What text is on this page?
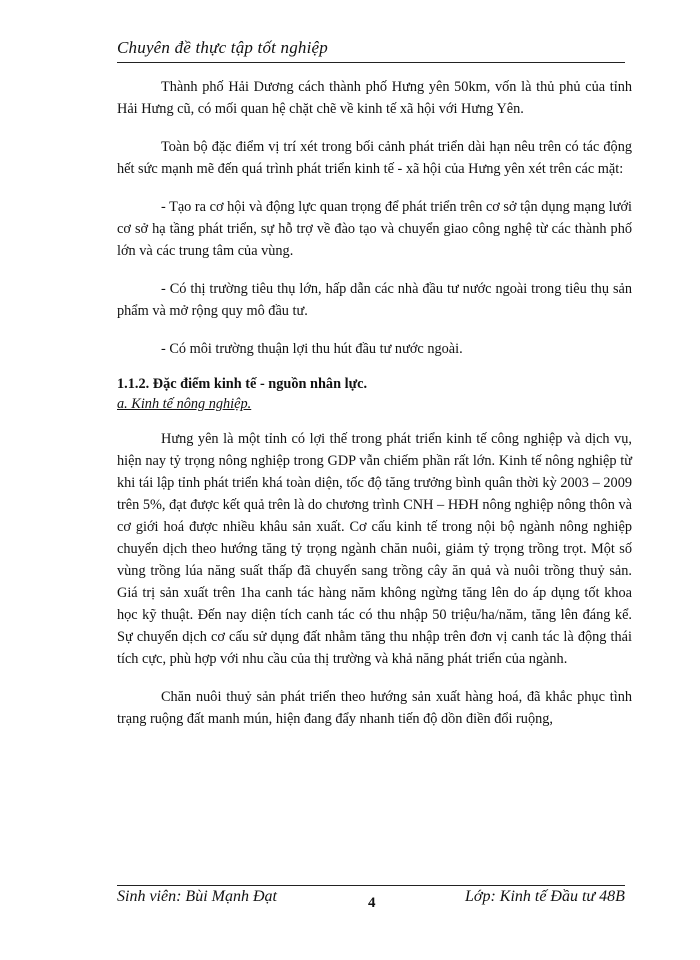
Chuyên đề thực tập tốt nghiệp

Thành phố Hải Dương cách thành phố Hưng yên 50km, vốn là thủ phủ của tỉnh Hải Hưng cũ, có mối quan hệ chặt chẽ về kinh tế xã hội với Hưng Yên.

Toàn bộ đặc điểm vị trí xét trong bối cảnh phát triển dài hạn nêu trên có tác động hết sức mạnh mẽ đến quá trình phát triển kinh tế - xã hội của Hưng yên xét trên các mặt:

- Tạo ra cơ hội và động lực quan trọng để phát triển trên cơ sở tận dụng mạng lưới cơ sở hạ tầng phát triển, sự hỗ trợ về đào tạo và chuyển giao công nghệ từ các thành phố lớn và các trung tâm của vùng.

- Có thị trường tiêu thụ lớn, hấp dẫn các nhà đầu tư nước ngoài trong tiêu thụ sản phẩm và mở rộng quy mô đầu tư.

- Có môi trường thuận lợi thu hút đầu tư nước ngoài.

1.1.2. Đặc điểm kinh tế - nguồn nhân lực.

a. Kinh tế nông nghiệp.

Hưng yên là một tỉnh có lợi thế trong phát triển kinh tế công nghiệp và dịch vụ, hiện nay tỷ trọng nông nghiệp trong GDP vẫn chiếm phần rất lớn. Kinh tế nông nghiệp từ khi tái lập tỉnh phát triển khá toàn diện, tốc độ tăng trưởng bình quân thời kỳ 2003 – 2009 trên 5%, đạt được kết quả trên là do chương trình CNH – HĐH nông nghiệp nông thôn và cơ giới hoá được nhiều khâu sản xuất. Cơ cấu kinh tế trong nội bộ ngành nông nghiệp chuyển dịch theo hướng tăng tỷ trọng ngành chăn nuôi, giảm tỷ trọng trồng trọt. Một số vùng trồng lúa năng suất thấp đã chuyển sang trồng cây ăn quả và nuôi trồng thuỷ sản. Giá trị sản xuất trên 1ha canh tác hàng năm không ngừng tăng lên do áp dụng tốt khoa học kỹ thuật. Đến nay diện tích canh tác có thu nhập 50 triệu/ha/năm, tăng lên đáng kể. Sự chuyển dịch cơ cấu sử dụng đất nhằm tăng thu nhập trên đơn vị canh tác là động thái tích cực, phù hợp với nhu cầu của thị trường và khả năng phát triển của ngành.

Chăn nuôi thuỷ sản phát triển theo hướng sản xuất hàng hoá, đã khắc phục tình trạng ruộng đất manh mún, hiện đang đẩy nhanh tiến độ dồn điền đổi ruộng,

Sinh viên: Bùi Mạnh Đạt	4	Lớp: Kinh tế Đầu tư 48B
